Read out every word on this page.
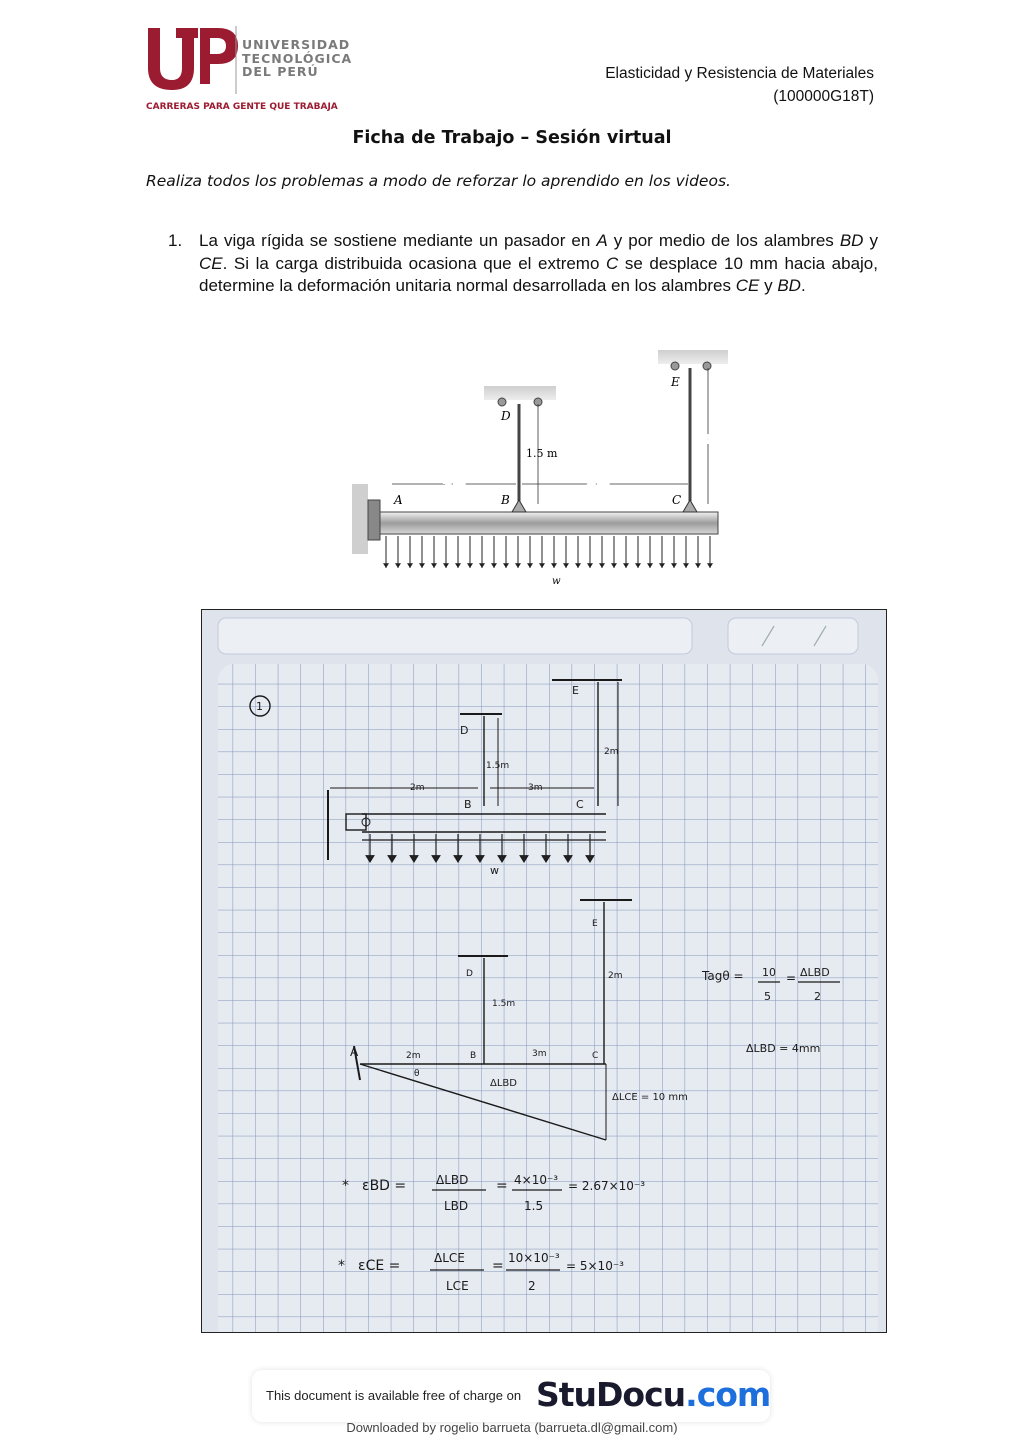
UNIVERSIDAD
TECNOLÓGICA
DEL PERÚ
CARRERAS PARA GENTE QUE TRABAJA
Elasticidad y Resistencia de Materiales
(100000G18T)
Ficha de Trabajo – Sesión virtual
Realiza todos los problemas a modo de reforzar lo aprendido en los videos.
1. La viga rígida se sostiene mediante un pasador en A y por medio de los alambres BD y CE. Si la carga distribuida ocasiona que el extremo C se desplace 10 mm hacia abajo, determine la deformación unitaria normal desarrollada en los alambres CE y BD.
A	B	C
D
E
w
2 m	3 m
1.5 m
2 m
1
D
E
B	C
w
1.5m
2m
2m	3m
A
D
E
B	C
θ
1.5m
2m
2m	3m
ΔLBD
ΔLCE = 10 mm
Tagθ = 10
5
= ΔLBD
2
ΔLBD = 4mm
* εBD = ΔLBD
LBD
= 4×10⁻³
1.5
= 2.67×10⁻³
* εCE =	ΔLCE
LCE
= 10×10⁻³
2
= 5×10⁻³
This document is available free of charge on StuDocu.com
Downloaded by rogelio barrueta (barrueta.dl@gmail.com)
